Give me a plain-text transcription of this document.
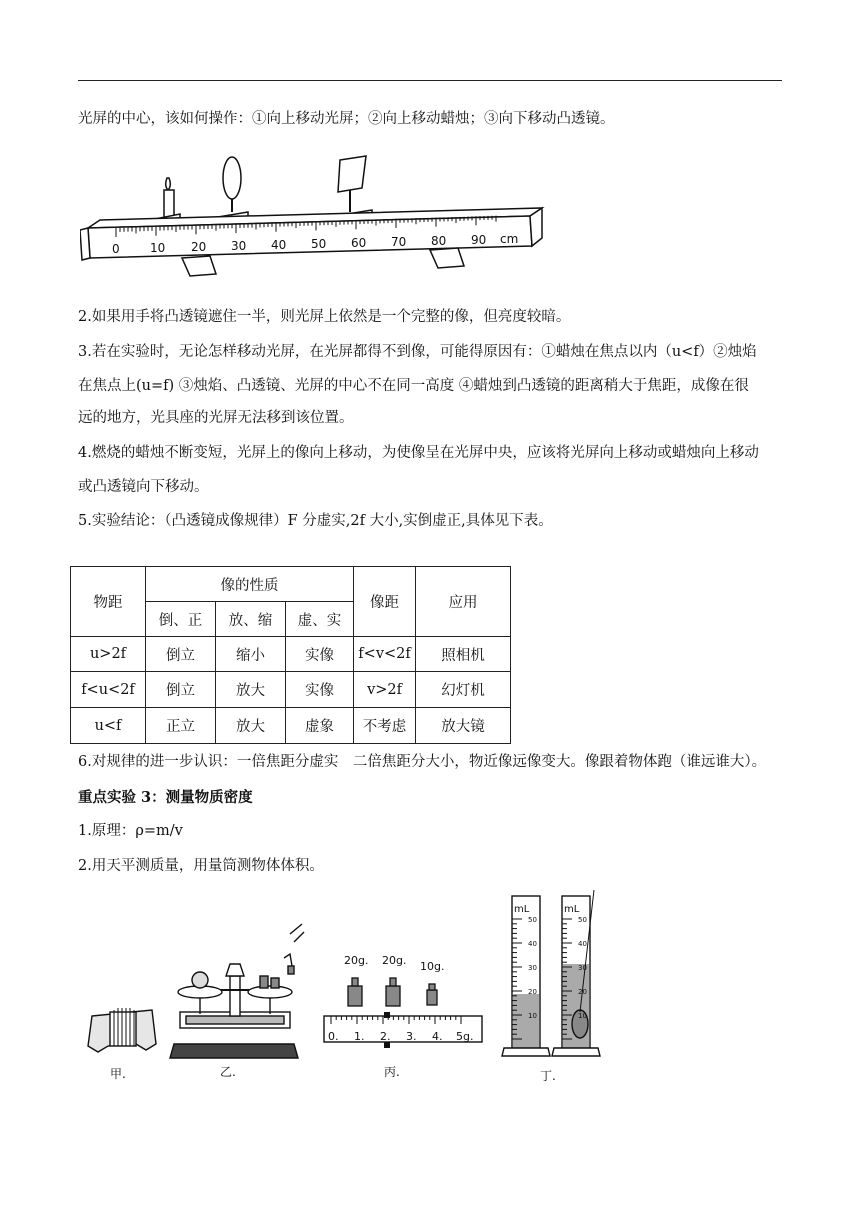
光屏的中心，该如何操作：①向上移动光屏；②向上移动蜡烛；③向下移动凸透镜。

0	10 20 30 40 50 60 70 80 90 cm

2.如果用手将凸透镜遮住一半，则光屏上依然是一个完整的像，但亮度较暗。

3.若在实验时，无论怎样移动光屏，在光屏都得不到像，可能得原因有：①蜡烛在焦点以内（u<f）②烛焰

在焦点上(u=f) ③烛焰、凸透镜、光屏的中心不在同一高度 ④蜡烛到凸透镜的距离稍大于焦距，成像在很

远的地方，光具座的光屏无法移到该位置。

4.燃烧的蜡烛不断变短，光屏上的像向上移动，为使像呈在光屏中央，应该将光屏向上移动或蜡烛向上移动

或凸透镜向下移动。

5.实验结论：（凸透镜成像规律）F 分虚实,2f 大小,实倒虚正,具体见下表。

物距	像的性质			像距	应用
	倒、正	放、缩	虚、实		
u>2f	倒立	缩小	实像	f<v<2f	照相机
f<u<2f	倒立	放大	实像	v>2f	幻灯机
u<f	正立	放大	虚象	不考虑	放大镜

6.对规律的进一步认识：一倍焦距分虚实　二倍焦距分大小，物近像远像变大。像跟着物体跑（谁远谁大）。

重点实验 3：测量物质密度

1.原理：ρ=m/v

2.用天平测质量，用量筒测物体体积。

甲.	乙.
20g. 20g. 10g.
0. 1. 2. 3. 4. 5g.
丙.
mL	mL
50
40
30
20
10
50
40
30
20
10
丁.
